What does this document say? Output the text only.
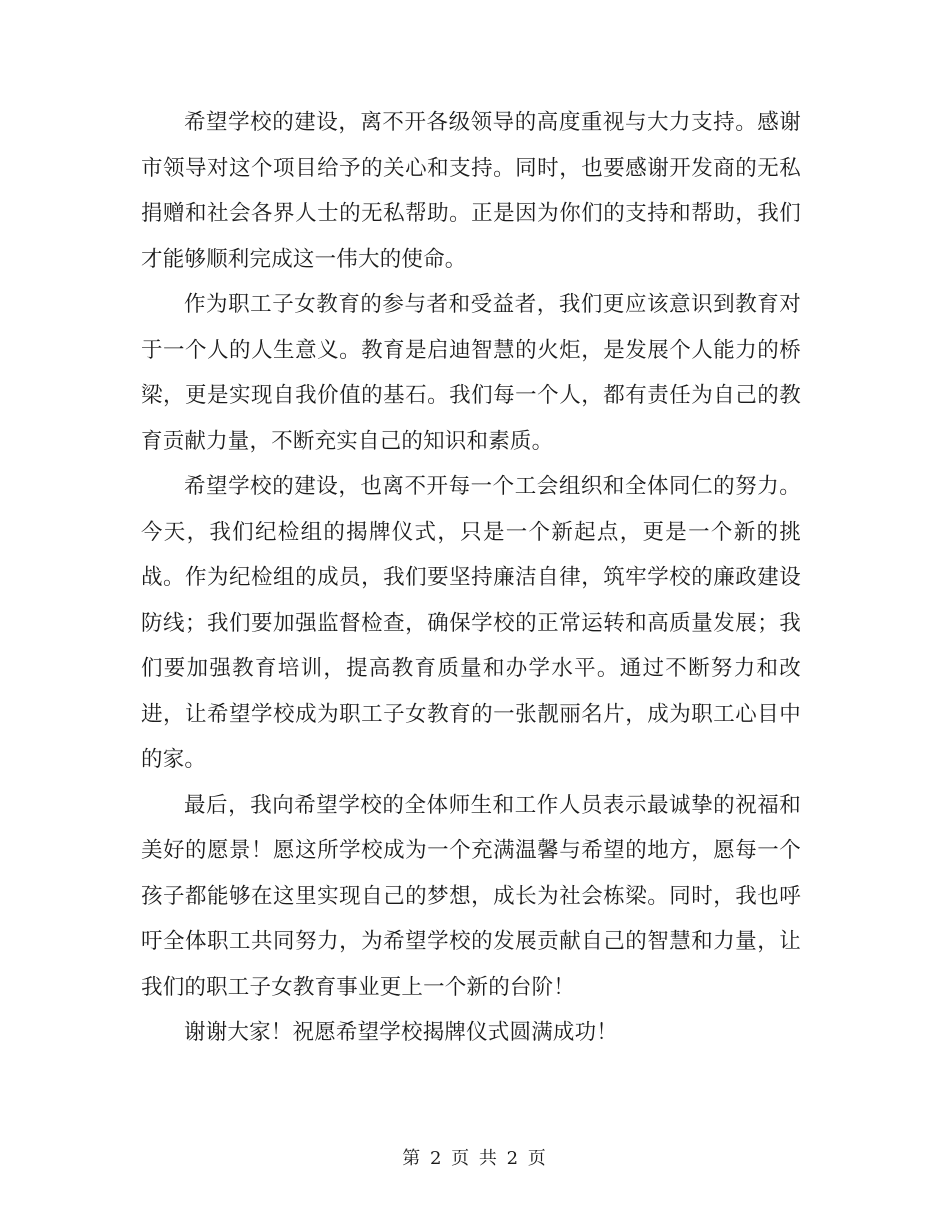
希望学校的建设，离不开各级领导的高度重视与大力支持。感谢市领导对这个项目给予的关心和支持。同时，也要感谢开发商的无私捐赠和社会各界人士的无私帮助。正是因为你们的支持和帮助，我们才能够顺利完成这一伟大的使命。

作为职工子女教育的参与者和受益者，我们更应该意识到教育对于一个人的人生意义。教育是启迪智慧的火炬，是发展个人能力的桥梁，更是实现自我价值的基石。我们每一个人，都有责任为自己的教育贡献力量，不断充实自己的知识和素质。

希望学校的建设，也离不开每一个工会组织和全体同仁的努力。今天，我们纪检组的揭牌仪式，只是一个新起点，更是一个新的挑战。作为纪检组的成员，我们要坚持廉洁自律，筑牢学校的廉政建设防线；我们要加强监督检查，确保学校的正常运转和高质量发展；我们要加强教育培训，提高教育质量和办学水平。通过不断努力和改进，让希望学校成为职工子女教育的一张靓丽名片，成为职工心目中的家。

最后，我向希望学校的全体师生和工作人员表示最诚挚的祝福和美好的愿景！愿这所学校成为一个充满温馨与希望的地方，愿每一个孩子都能够在这里实现自己的梦想，成长为社会栋梁。同时，我也呼吁全体职工共同努力，为希望学校的发展贡献自己的智慧和力量，让我们的职工子女教育事业更上一个新的台阶！

谢谢大家！祝愿希望学校揭牌仪式圆满成功！

第 2 页 共 2 页
